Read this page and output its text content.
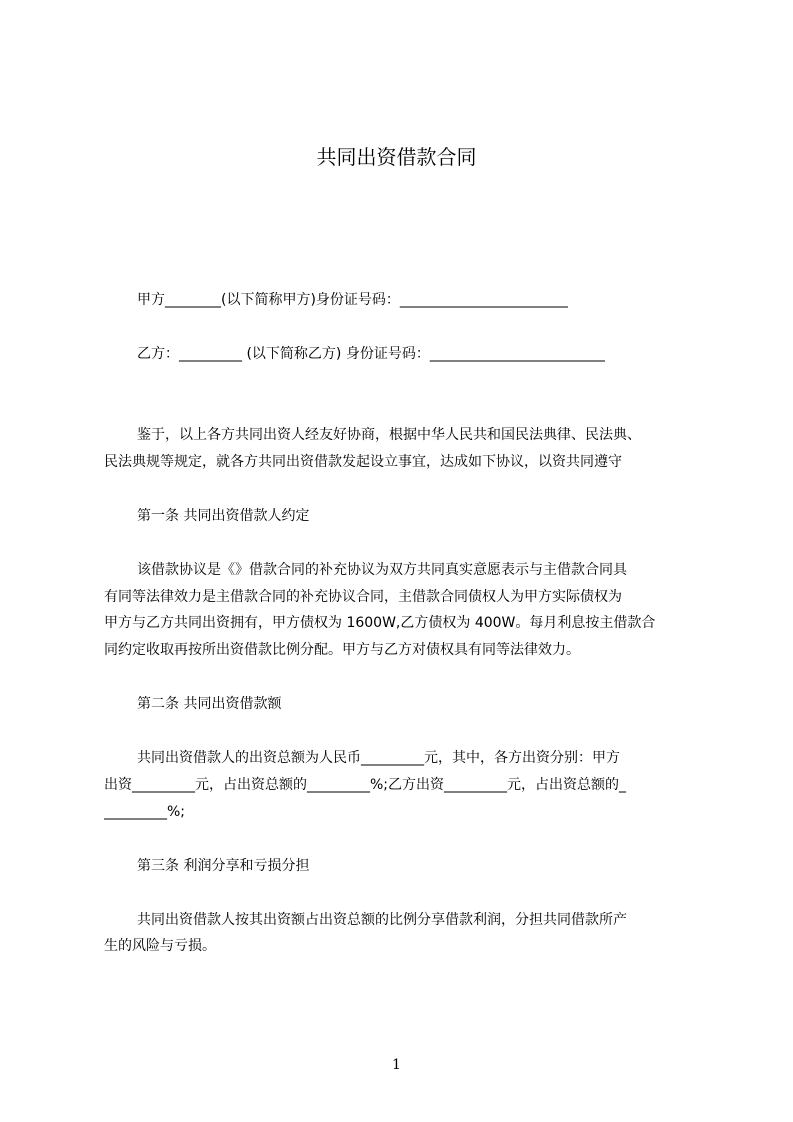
共同出资借款合同
甲方________(以下简称甲方)身份证号码：________________________
乙方：_________ (以下简称乙方) 身份证号码：_________________________
鉴于，以上各方共同出资人经友好协商，根据中华人民共和国民法典律、民法典、
民法典规等规定，就各方共同出资借款发起设立事宜，达成如下协议，以资共同遵守
第一条 共同出资借款人约定
该借款协议是《》借款合同的补充协议为双方共同真实意愿表示与主借款合同具
有同等法律效力是主借款合同的补充协议合同，主借款合同债权人为甲方实际债权为
甲方与乙方共同出资拥有，甲方债权为 1600W,乙方债权为 400W。每月利息按主借款合
同约定收取再按所出资借款比例分配。甲方与乙方对债权具有同等法律效力。
第二条 共同出资借款额
共同出资借款人的出资总额为人民币_________元，其中，各方出资分别：甲方
出资_________元，占出资总额的_________%;乙方出资_________元，占出资总额的_
_________%;
第三条 利润分享和亏损分担
共同出资借款人按其出资额占出资总额的比例分享借款利润，分担共同借款所产
生的风险与亏损。
1
